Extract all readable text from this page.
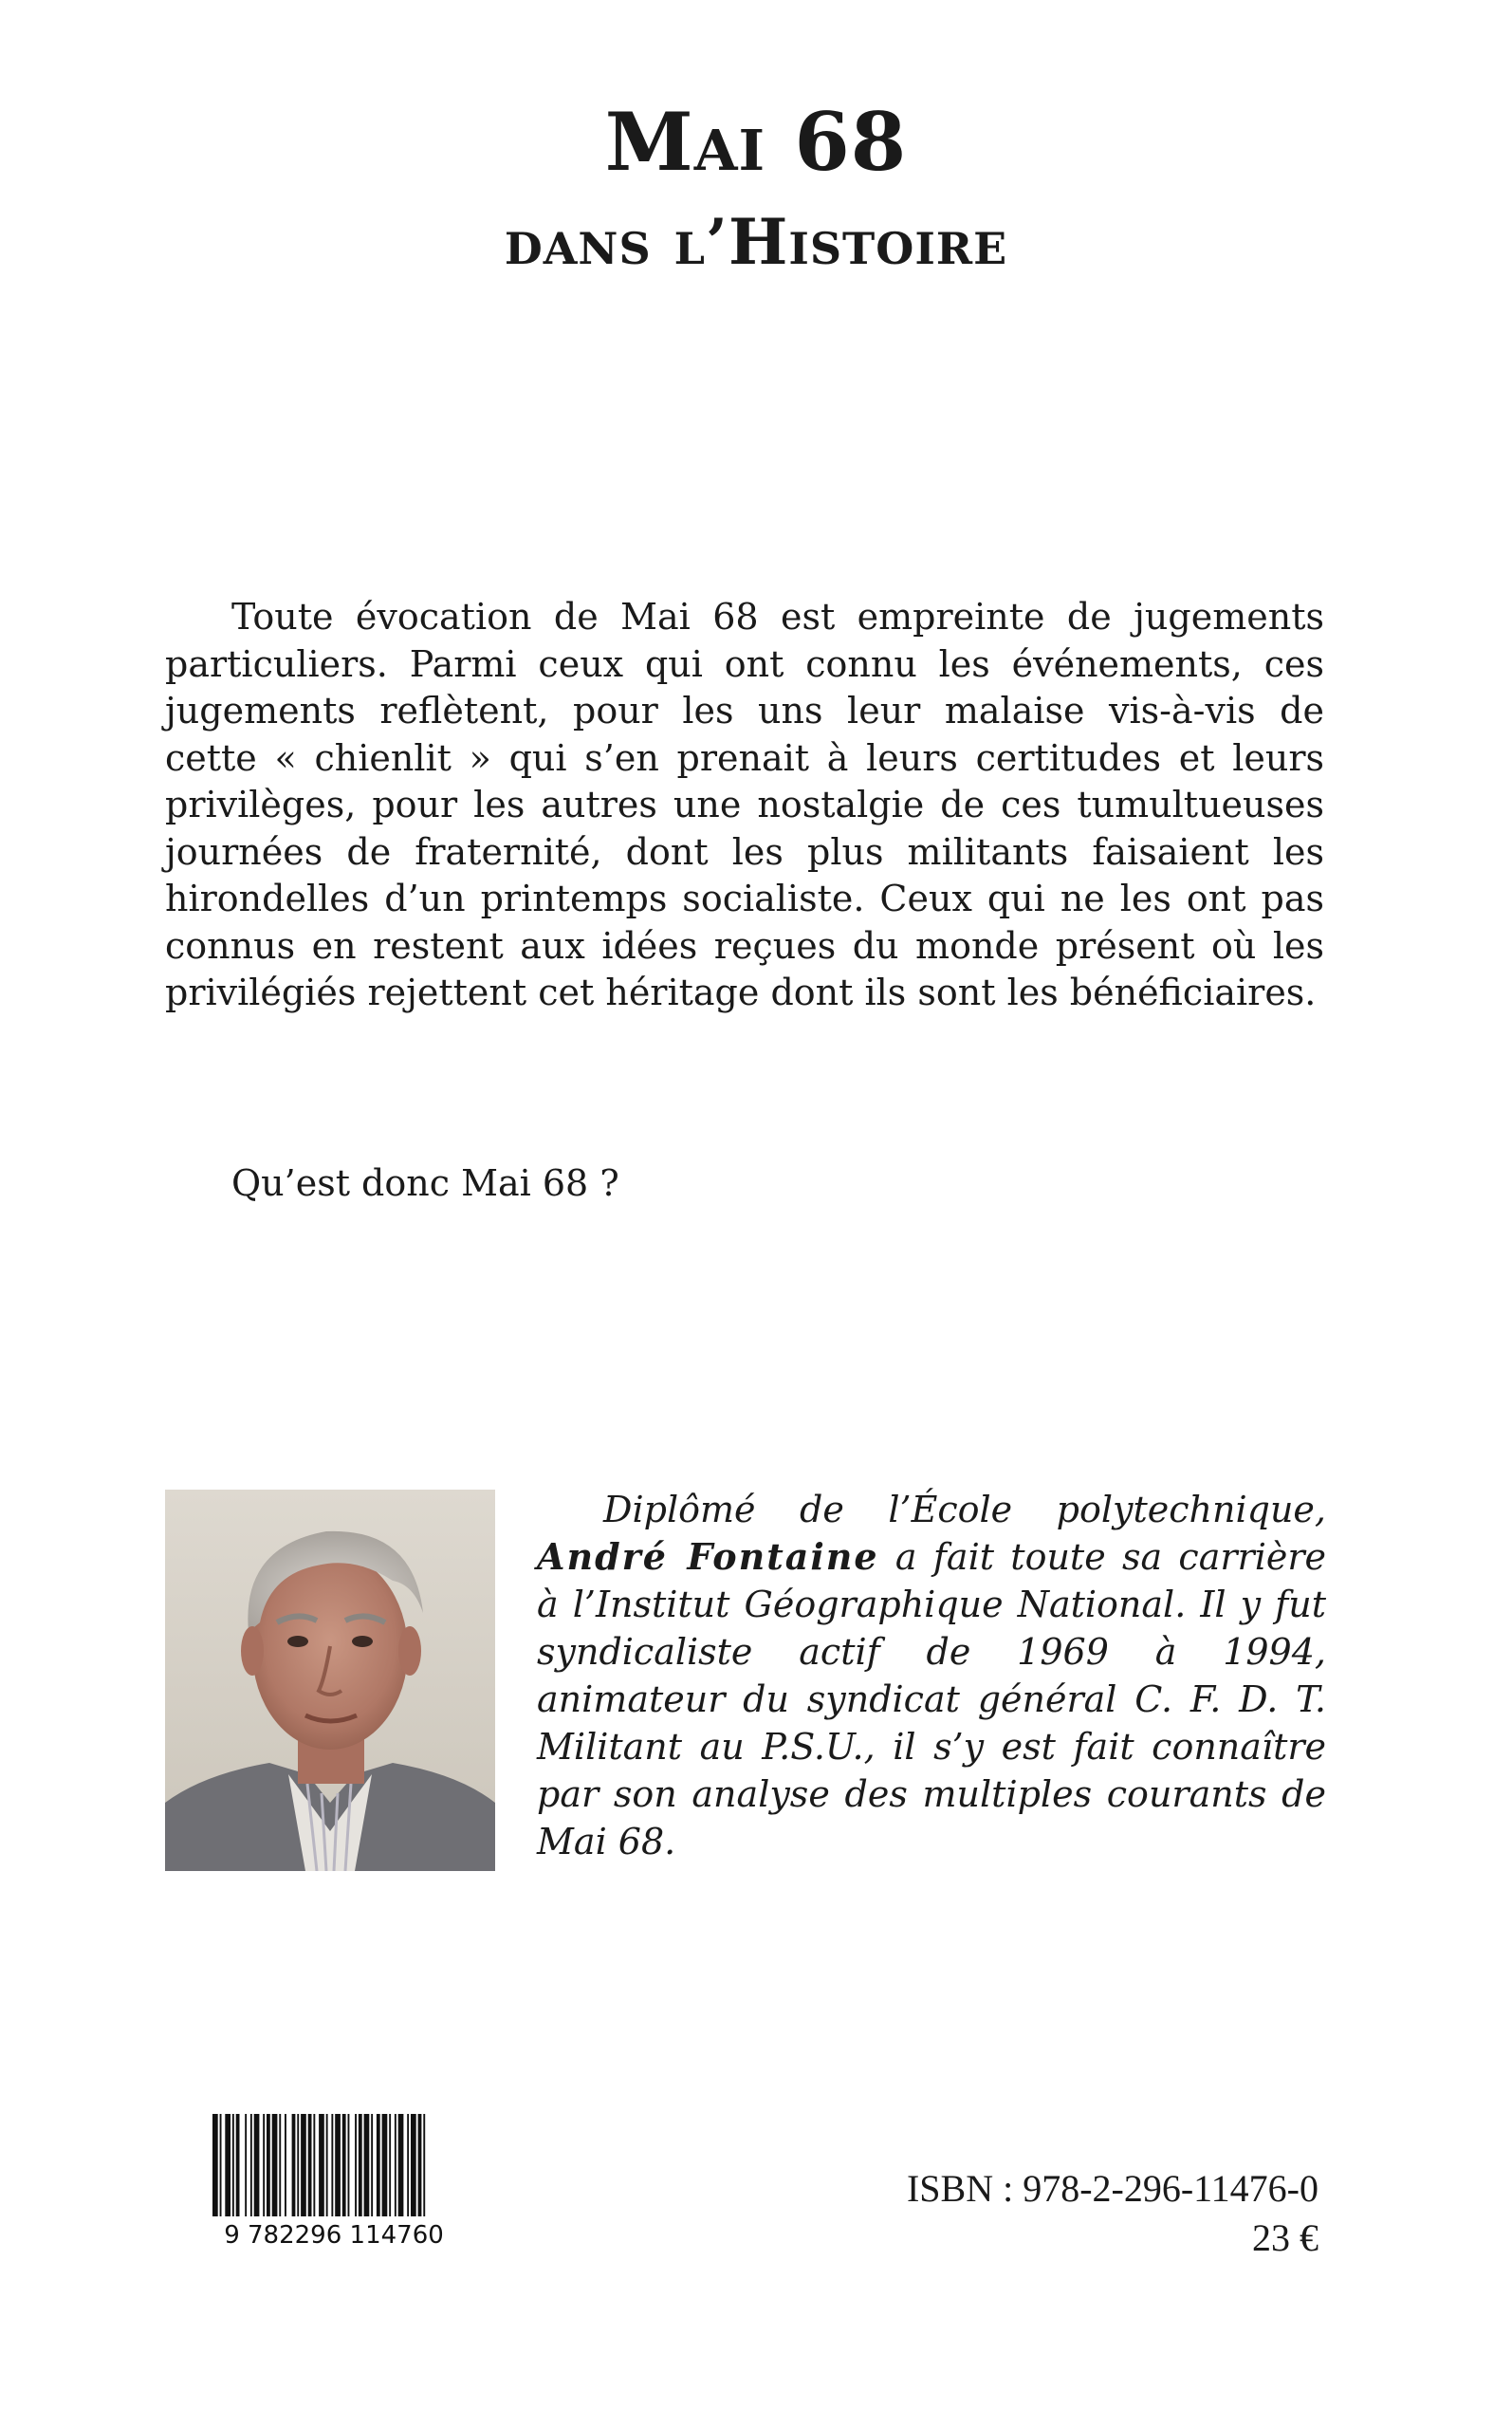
Mai 68
dans l’Histoire

Toute évocation de Mai 68 est empreinte de jugements particuliers. Parmi ceux qui ont connu les événements, ces jugements reflètent, pour les uns leur malaise vis-à-vis de cette « chienlit » qui s’en prenait à leurs certitudes et leurs privilèges, pour les autres une nostalgie de ces tumultueuses journées de fraternité, dont les plus militants faisaient les hirondelles d’un printemps socialiste. Ceux qui ne les ont pas connus en restent aux idées reçues du monde présent où les privilégiés rejettent cet héritage dont ils sont les bénéficiaires.

Qu’est donc Mai 68 ?

Diplômé de l’École polytechnique, André Fontaine a fait toute sa carrière à l’Institut Géographique National. Il y fut syndicaliste actif de 1969 à 1994, animateur du syndicat général C. F. D. T. Militant au P.S.U., il s’y est fait connaître par son analyse des multiples courants de Mai 68.

9 782296 114760
ISBN : 978-2-296-11476-0
23 €
